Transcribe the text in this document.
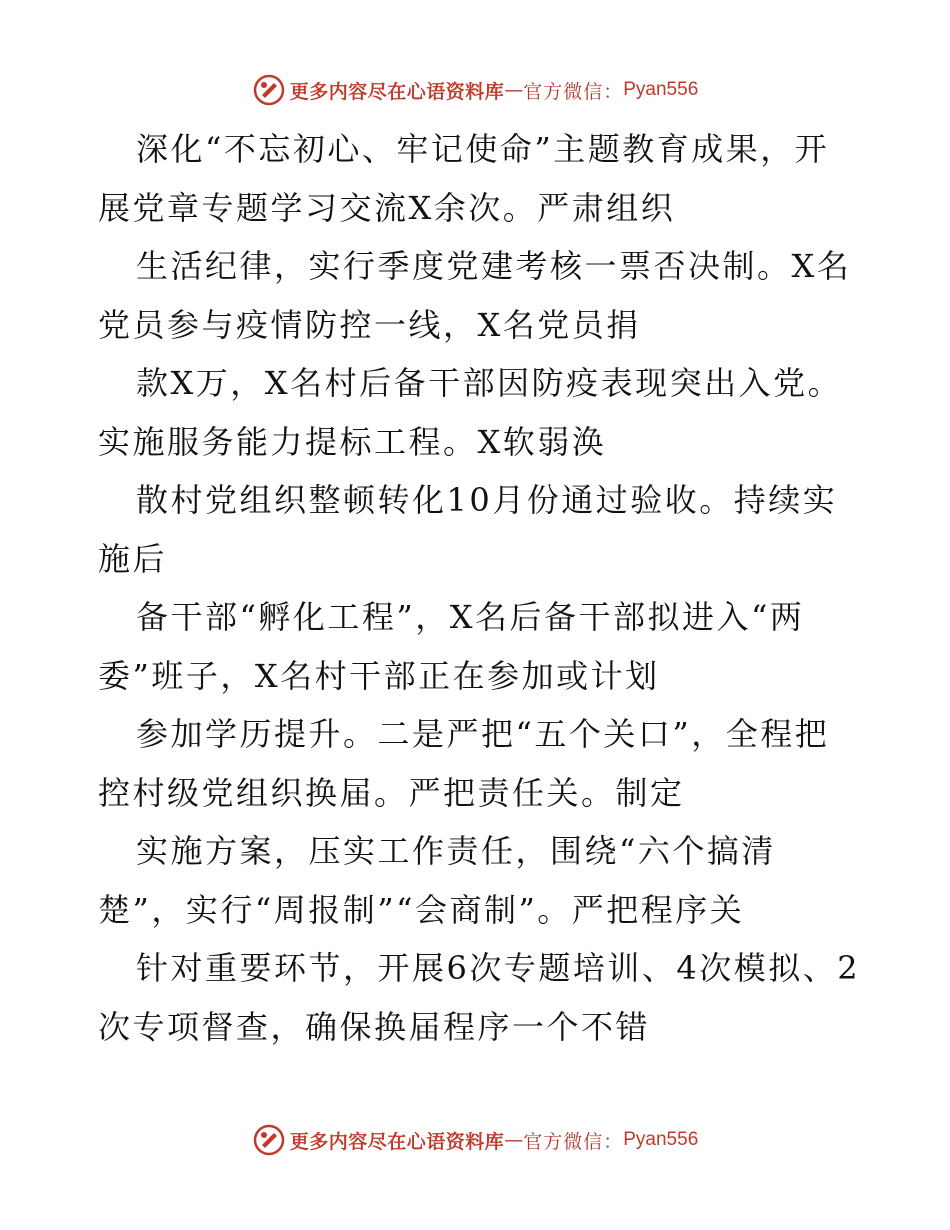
更多内容尽在心语资料库 — 官方微信： Pyan556
深化“不忘初心、牢记使命”主题教育成果，开
展党章专题学习交流Ⅹ余次。严肃组织
生活纪律，实行季度党建考核一票否决制。Ⅹ名
党员参与疫情防控一线，Ⅹ名党员捐
款Ⅹ万，Ⅹ名村后备干部因防疫表现突出入党。
实施服务能力提标工程。Ⅹ软弱涣
散村党组织整顿转化10月份通过验收。持续实
施后
备干部“孵化工程”，Ⅹ名后备干部拟进入“两
委”班子，Ⅹ名村干部正在参加或计划
参加学历提升。二是严把“五个关口”，全程把
控村级党组织换届。严把责任关。制定
实施方案，压实工作责任，围绕“六个搞清
楚”，实行“周报制”“会商制”。严把程序关
针对重要环节，开展6次专题培训、4次模拟、2
次专项督查，确保换届程序一个不错
更多内容尽在心语资料库 — 官方微信： Pyan556
